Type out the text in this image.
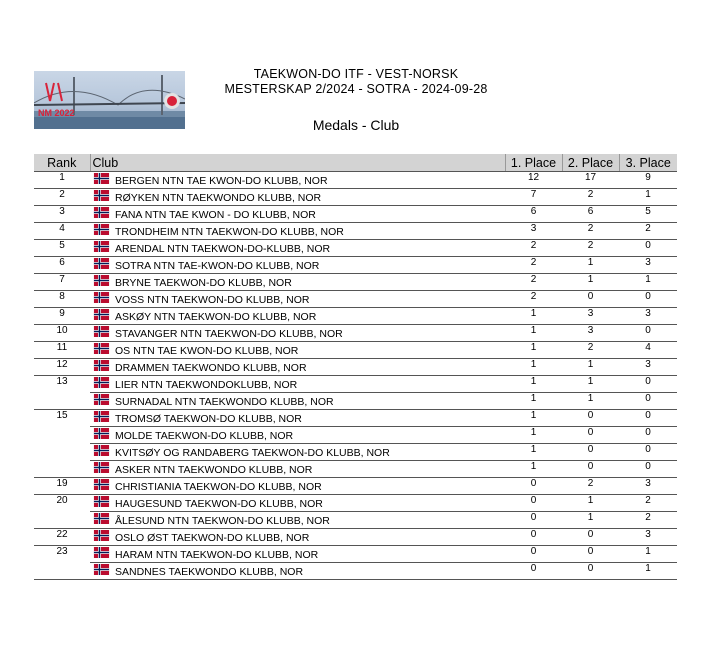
NM 2022
TAEKWON-DO ITF - VEST-NORSK
MESTERSKAP 2/2024 - SOTRA - 2024-09-28
Medals - Club
Rank	Club	1. Place	2. Place	3. Place
1	BERGEN NTN TAE KWON-DO KLUBB, NOR	12	17	9
2	RØYKEN NTN TAEKWONDO KLUBB, NOR	7	2	1
3	FANA NTN TAE KWON - DO KLUBB, NOR	6	6	5
4	TRONDHEIM NTN TAEKWON-DO KLUBB, NOR	3	2	2
5	ARENDAL NTN TAEKWON-DO-KLUBB, NOR	2	2	0
6	SOTRA NTN TAE-KWON-DO KLUBB, NOR	2	1	3
7	BRYNE TAEKWON-DO KLUBB, NOR	2	1	1
8	VOSS NTN TAEKWON-DO KLUBB, NOR	2	0	0
9	ASKØY NTN TAEKWON-DO KLUBB, NOR	1	3	3
10	STAVANGER NTN TAEKWON-DO KLUBB, NOR	1	3	0
11	OS NTN TAE KWON-DO KLUBB, NOR	1	2	4
12	DRAMMEN TAEKWONDO KLUBB, NOR	1	1	3
13	LIER NTN TAEKWONDOKLUBB, NOR	1	1	0
	SURNADAL NTN TAEKWONDO KLUBB, NOR	1	1	0
15	TROMSØ TAEKWON-DO KLUBB, NOR	1	0	0
	MOLDE TAEKWON-DO KLUBB, NOR	1	0	0
	KVITSØY OG RANDABERG TAEKWON-DO KLUBB, NOR	1	0	0
	ASKER NTN TAEKWONDO KLUBB, NOR	1	0	0
19	CHRISTIANIA TAEKWON-DO KLUBB, NOR	0	2	3
20	HAUGESUND TAEKWON-DO KLUBB, NOR	0	1	2
	ÅLESUND NTN TAEKWON-DO KLUBB, NOR	0	1	2
22	OSLO ØST TAEKWON-DO KLUBB, NOR	0	0	3
23	HARAM NTN TAEKWON-DO KLUBB, NOR	0	0	1
	SANDNES TAEKWONDO KLUBB, NOR	0	0	1
